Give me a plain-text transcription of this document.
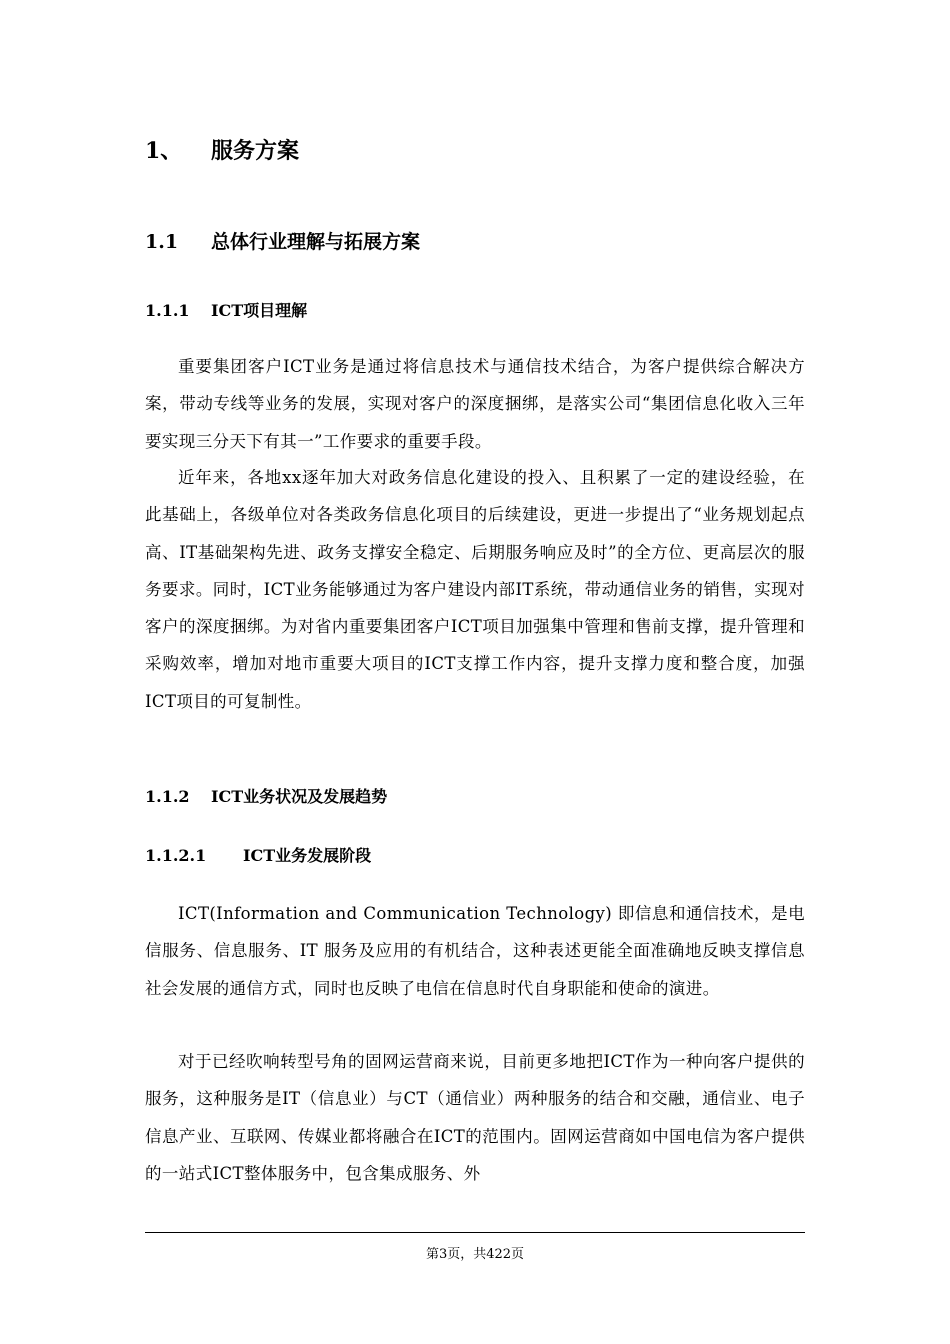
1、 服务方案
1.1 总体行业理解与拓展方案
1.1.1 ICT项目理解

重要集团客户ICT业务是通过将信息技术与通信技术结合，为客户提供综合解决方案，带动专线等业务的发展，实现对客户的深度捆绑，是落实公司“集团信息化收入三年要实现三分天下有其一”工作要求的重要手段。

近年来，各地xx逐年加大对政务信息化建设的投入、且积累了一定的建设经验，在此基础上，各级单位对各类政务信息化项目的后续建设，更进一步提出了“业务规划起点高、IT基础架构先进、政务支撑安全稳定、后期服务响应及时”的全方位、更高层次的服务要求。同时，ICT业务能够通过为客户建设内部IT系统，带动通信业务的销售，实现对客户的深度捆绑。为对省内重要集团客户ICT项目加强集中管理和售前支撑，提升管理和采购效率，增加对地市重要大项目的ICT支撑工作内容，提升支撑力度和整合度，加强ICT项目的可复制性。

1.1.2 ICT业务状况及发展趋势
1.1.2.1 ICT业务发展阶段

ICT(Information and Communication Technology) 即信息和通信技术，是电信服务、信息服务、IT 服务及应用的有机结合，这种表述更能全面准确地反映支撑信息社会发展的通信方式，同时也反映了电信在信息时代自身职能和使命的演进。

对于已经吹响转型号角的固网运营商来说，目前更多地把ICT作为一种向客户提供的服务，这种服务是IT（信息业）与CT（通信业）两种服务的结合和交融，通信业、电子信息产业、互联网、传媒业都将融合在ICT的范围内。固网运营商如中国电信为客户提供的一站式ICT整体服务中，包含集成服务、外

第3页，共422页
